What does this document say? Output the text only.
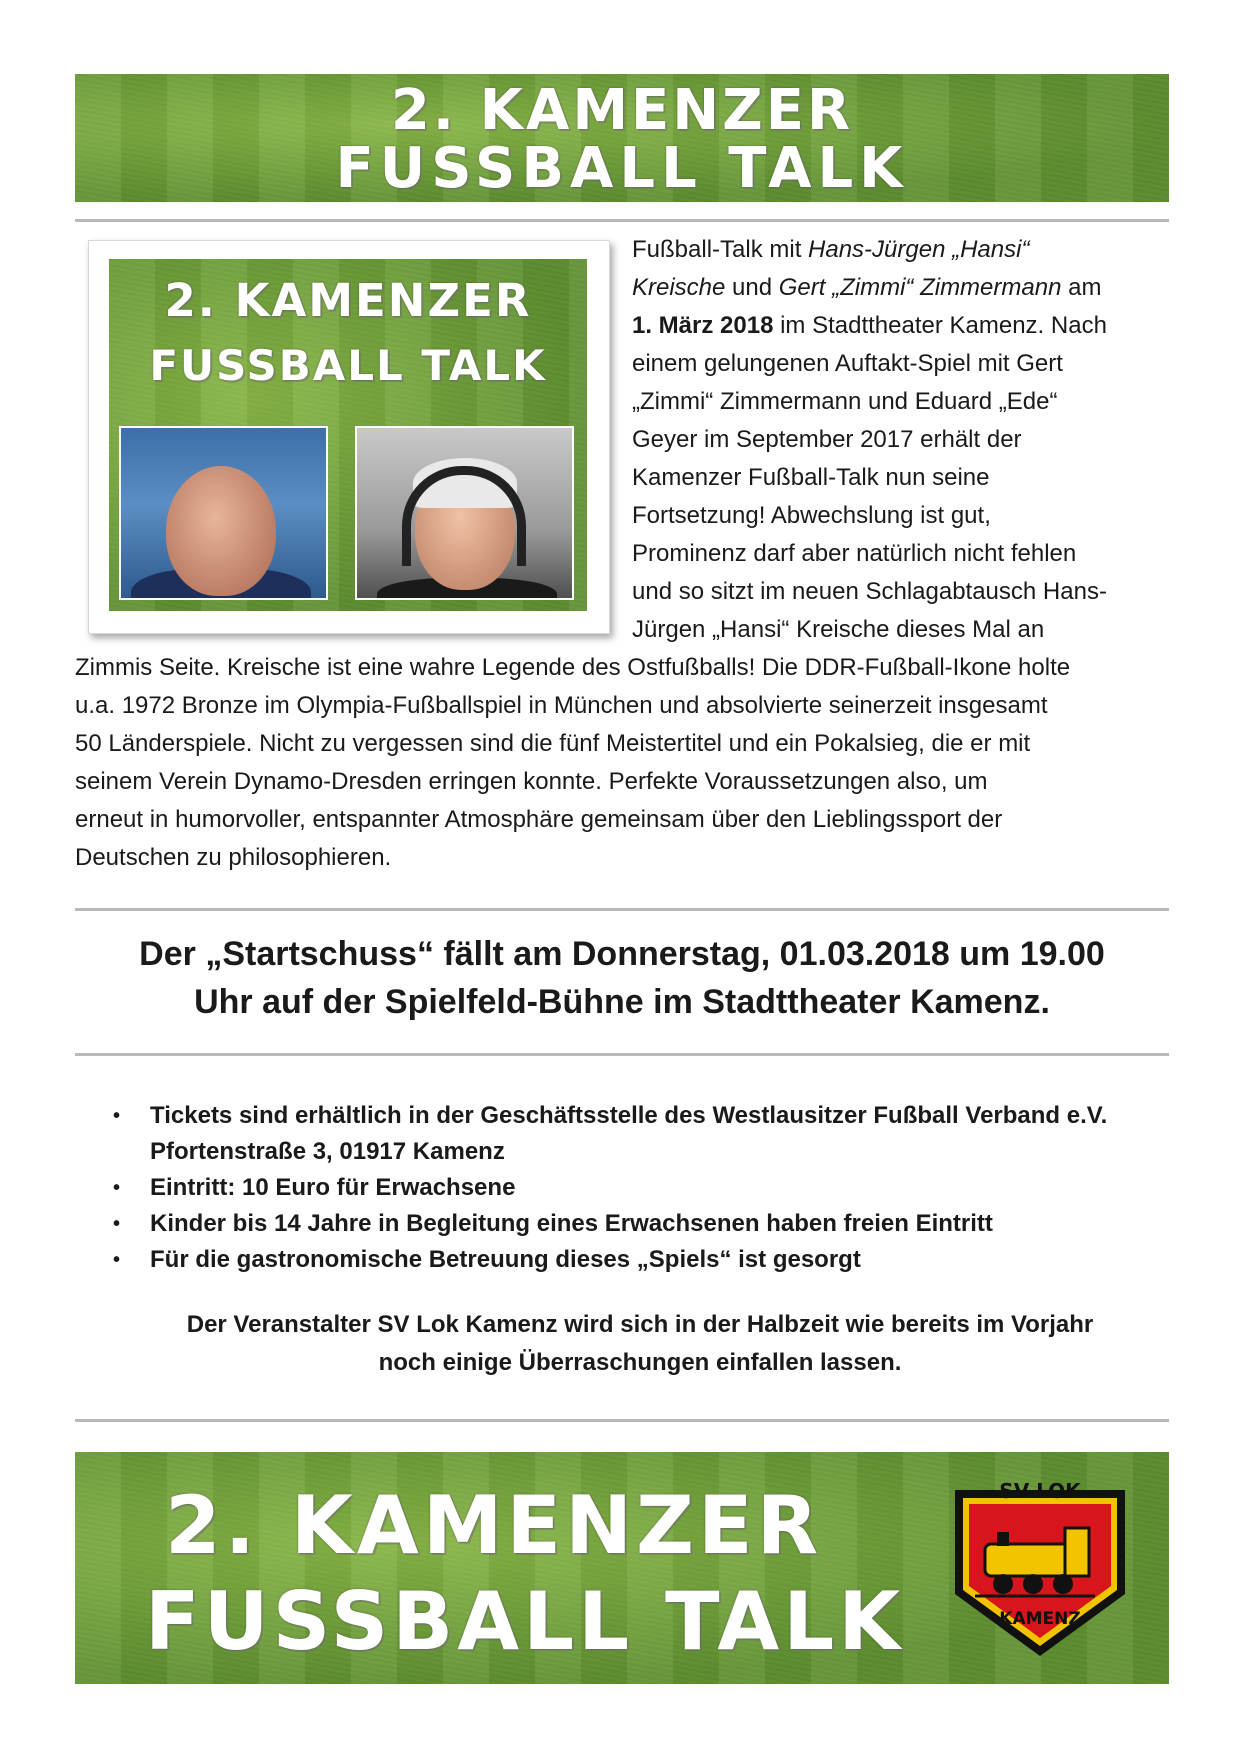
2. KAMENZER
FUSSBALL TALK
2. KAMENZER
FUSSBALL TALK
Fußball-Talk mit Hans-Jürgen „Hansi“
Kreische und Gert „Zimmi“ Zimmermann am
1. März 2018 im Stadttheater Kamenz. Nach
einem gelungenen Auftakt-Spiel mit Gert
„Zimmi“ Zimmermann und Eduard „Ede“
Geyer im September 2017 erhält der
Kamenzer Fußball-Talk nun seine
Fortsetzung! Abwechslung ist gut,
Prominenz darf aber natürlich nicht fehlen
und so sitzt im neuen Schlagabtausch Hans-
Jürgen „Hansi“ Kreische dieses Mal an
Zimmis Seite. Kreische ist eine wahre Legende des Ostfußballs! Die DDR-Fußball-Ikone holte
u.a. 1972 Bronze im Olympia-Fußballspiel in München und absolvierte seinerzeit insgesamt
50 Länderspiele. Nicht zu vergessen sind die fünf Meistertitel und ein Pokalsieg, die er mit
seinem Verein Dynamo-Dresden erringen konnte. Perfekte Voraussetzungen also, um
erneut in humorvoller, entspannter Atmosphäre gemeinsam über den Lieblingssport der
Deutschen zu philosophieren.
Der „Startschuss“ fällt am Donnerstag, 01.03.2018 um 19.00
Uhr auf der Spielfeld-Bühne im Stadttheater Kamenz.
• Tickets sind erhältlich in der Geschäftsstelle des Westlausitzer Fußball Verband e.V. Pfortenstraße 3, 01917 Kamenz
• Eintritt: 10 Euro für Erwachsene
• Kinder bis 14 Jahre in Begleitung eines Erwachsenen haben freien Eintritt
• Für die gastronomische Betreuung dieses „Spiels“ ist gesorgt
Der Veranstalter SV Lok Kamenz wird sich in der Halbzeit wie bereits im Vorjahr
noch einige Überraschungen einfallen lassen.
2. KAMENZER
FUSSBALL TALK
SV LOK
KAMENZ
